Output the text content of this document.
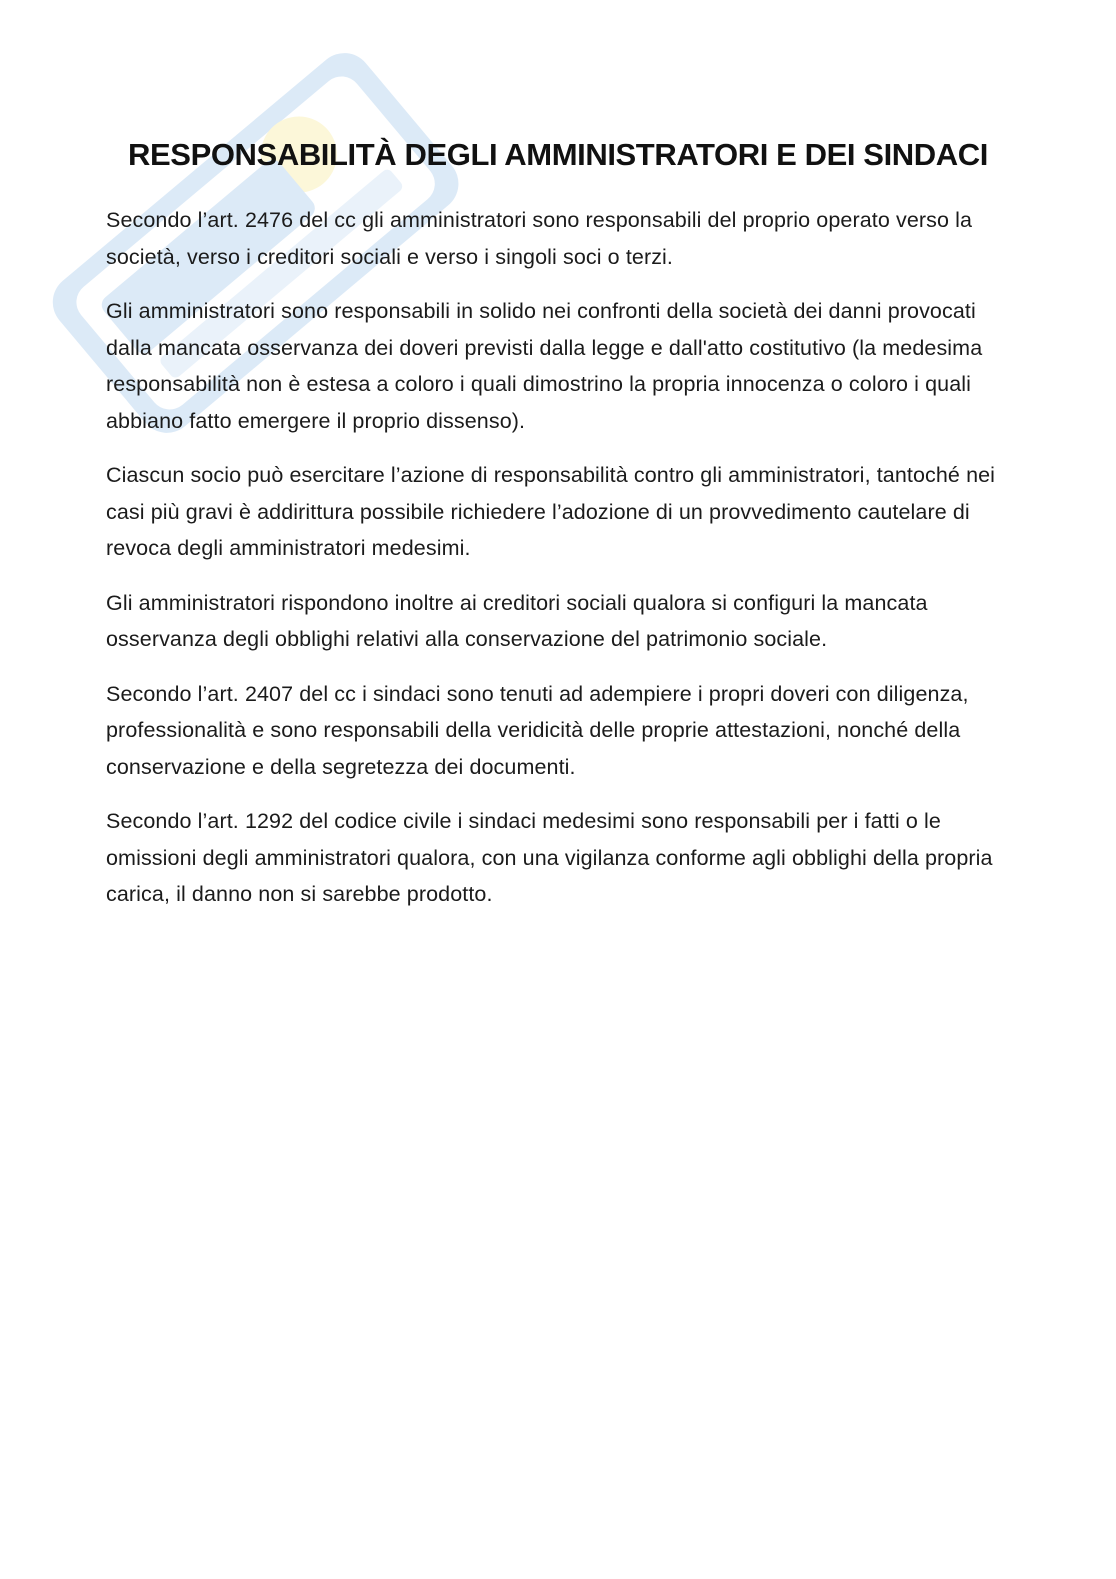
RESPONSABILITÀ DEGLI AMMINISTRATORI E DEI SINDACI

Secondo l’art. 2476 del cc gli amministratori sono responsabili del proprio operato verso la società, verso i creditori sociali e verso i singoli soci o terzi.

Gli amministratori sono responsabili in solido nei confronti della società dei danni provocati dalla mancata osservanza dei doveri previsti dalla legge e dall'atto costitutivo (la medesima responsabilità non è estesa a coloro i quali dimostrino la propria innocenza o coloro i quali abbiano fatto emergere il proprio dissenso).

Ciascun socio può esercitare l’azione di responsabilità contro gli amministratori, tantoché nei casi più gravi è addirittura possibile richiedere l’adozione di un provvedimento cautelare di revoca degli amministratori medesimi.

Gli amministratori rispondono inoltre ai creditori sociali qualora si configuri la mancata osservanza degli obblighi relativi alla conservazione del patrimonio sociale.

Secondo l’art. 2407 del cc i sindaci sono tenuti ad adempiere i propri doveri con diligenza, professionalità e sono responsabili della veridicità delle proprie attestazioni, nonché della conservazione e della segretezza dei documenti.

Secondo l’art. 1292 del codice civile i sindaci medesimi sono responsabili per i fatti o le omissioni degli amministratori qualora, con una vigilanza conforme agli obblighi della propria carica, il danno non si sarebbe prodotto.
